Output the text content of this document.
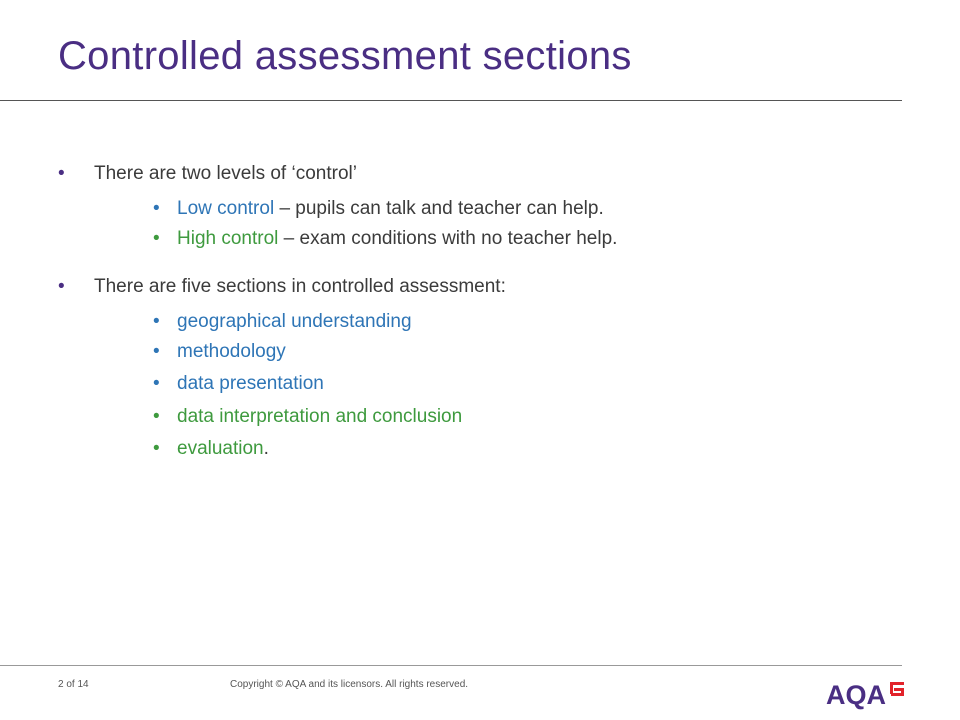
Controlled assessment sections
• There are two levels of ‘control’
• Low control – pupils can talk and teacher can help.
• High control – exam conditions with no teacher help.
• There are five sections in controlled assessment:
• geographical understanding
• methodology
• data presentation
• data interpretation and conclusion
• evaluation.
2 of 14	Copyright © AQA and its licensors. All rights reserved.	AQA
